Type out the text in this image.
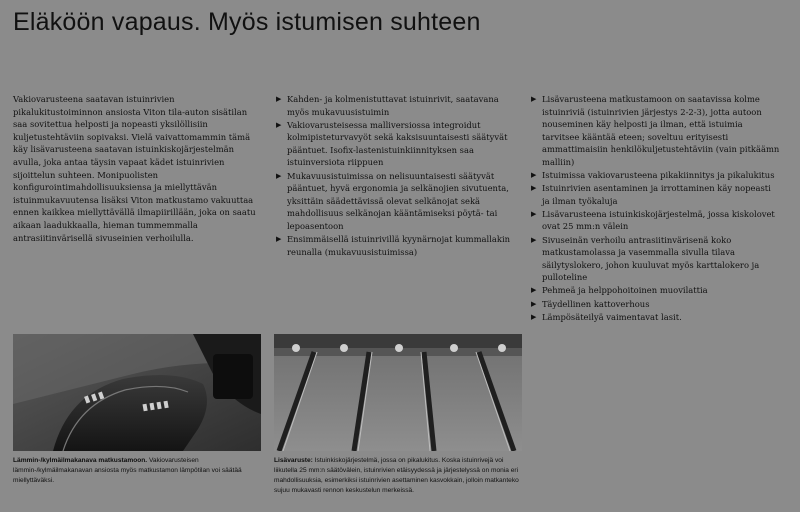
Eläköön vapaus. Myös istumisen suhteen

Vakiovarusteena saatavan istuinrivien pikalukitustoiminnon ansiosta Viton tila-auton sisätilan saa sovitettua helposti ja nopeasti yksilöllisiin kuljetustehtäviin sopivaksi. Vielä vaivattomammin tämä käy lisävarusteena saatavan istuinkiskojärjestelmän avulla, joka antaa täysin vapaat kädet istuinrivien sijoittelun suhteen. Monipuolisten konfigurointimahdollisuuksiensa ja miellyttävän istuinmukavuutensa lisäksi Viton matkustamo vakuuttaa ennen kaikkea miellyttävällä ilmapiirillään, joka on saatu aikaan laadukkaalla, hieman tummemmalla antrasiitinvärisellä sivuseinien verhoilulla.

▶ Kahden- ja kolmenistuttavat istuinrivit, saatavana myös mukavuusistuimin
▶ Vakiovarusteisessa malliversiossa integroidut kolmipisteturvavyöt sekä kaksisuuntaisesti säätyvät pääntuet. Isofix-lastenistuinkiinnityksen saa istuinversiota riippuen
▶ Mukavuusistuimissa on nelisuuntaisesti säätyvät pääntuet, hyvä ergonomia ja selkänojien sivutuenta, yksittäin säädettävissä olevat selkänojat sekä mahdollisuus selkänojan kääntämiseksi pöytä- tai lepoasentoon
▶ Ensimmäisellä istuinrivillä kyynärnojat kummallakin reunalla (mukavuusistuimissa)
▶ Lisävarusteena matkustamoon on saatavissa kolme istuinriviä (istuinrivien järjestys 2-2-3), jotta autoon nouseminen käy helposti ja ilman, että istuimia tarvitsee kääntää eteen; soveltuu erityisesti ammattimaisiin henkilökuljetustehtäviin (vain pitkäämn malliin)
▶ Istuimissa vakiovarusteena pikakiinnitys ja pikalukitus
▶ Istuinrivien asentaminen ja irrottaminen käy nopeasti ja ilman työkaluja
▶ Lisävarusteena istuinkiskojärjestelmä, jossa kiskolovet ovat 25 mm:n välein
▶ Sivuseinän verhoilu antrasiitinvärisenä koko matkustamolassa ja vasemmalla sivulla tilava säilytyslokero, johon kuuluvat myös karttalokero ja pulloteline
▶ Pehmeä ja helppohoitoinen muovilattia
▶ Täydellinen kattoverhous
▶ Lämpösäteilyä vaimentavat lasit.
Lämmin-/kylmäilmakanava matkustamoon. Vakiovarusteisen lämmin-/kylmäilmakanavan ansiosta myös matkustamon lämpötilan voi säätää miellyttäväksi.
Lisävaruste: Istuinkiskojärjestelmä, jossa on pikalukitus. Koska istuinrivejä voi liikutella 25 mm:n säätövälein, istuinrivien etäisyydessä ja järjestelyssä on monia eri mahdollisuuksia, esimerkiksi istuinrivien asettaminen kasvokkain, jolloin matkanteko sujuu mukavasti rennon keskustelun merkeissä.
